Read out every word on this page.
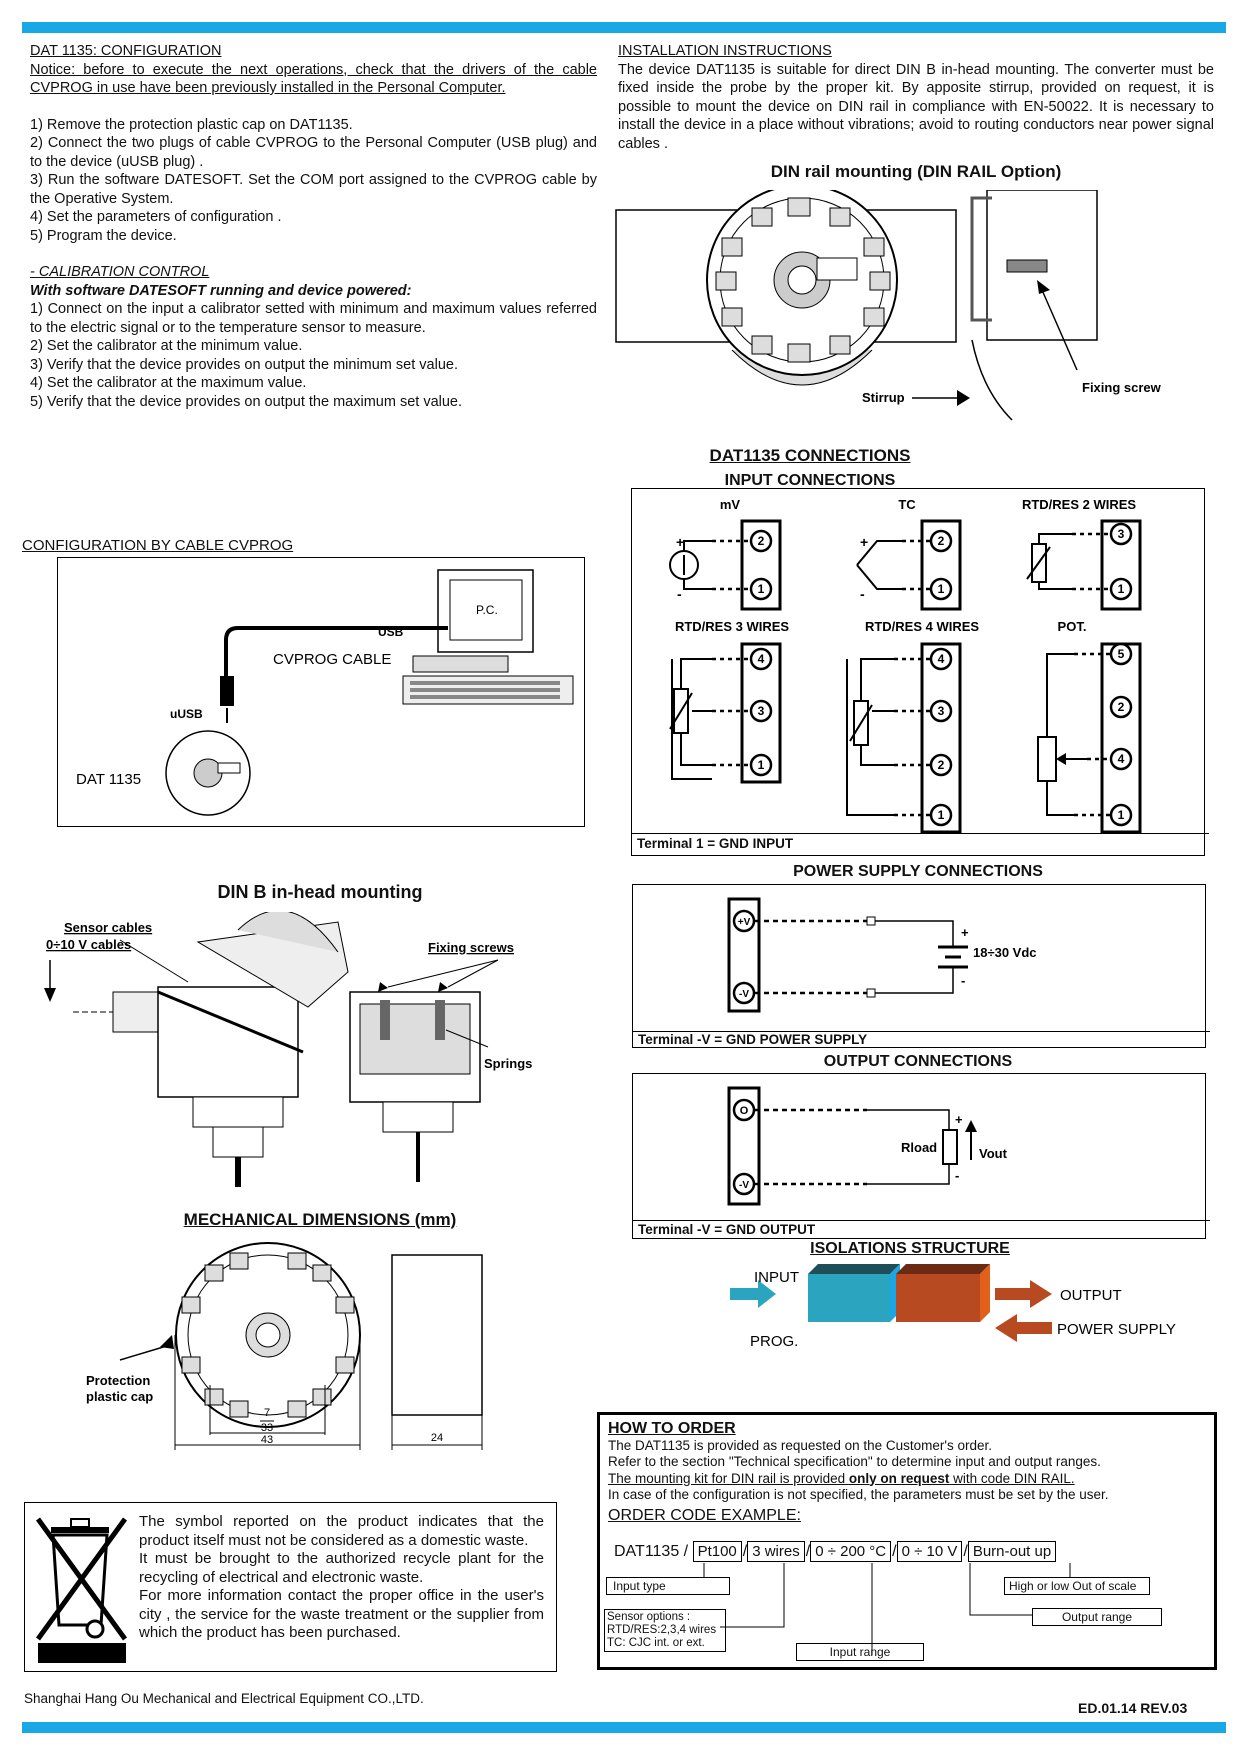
DAT 1135: CONFIGURATION

Notice: before to execute the next operations, check that the drivers of the cable CVPROG in use have been previously installed in the Personal Computer.

1) Remove the protection plastic cap on DAT1135.

2) Connect the two plugs of cable CVPROG to the Personal Computer (USB plug) and to the device (uUSB plug) .

3) Run the software DATESOFT. Set the COM port assigned to the CVPROG cable by the Operative System.

4) Set the parameters of configuration .

5) Program the device.

- CALIBRATION CONTROL

With software DATESOFT running and device powered:

1) Connect on the input a calibrator setted with minimum and maximum values referred to the electric signal or to the temperature sensor to measure.

2) Set the calibrator at the minimum value.

3) Verify that the device provides on output the minimum set value.

4) Set the calibrator at the maximum value.

5) Verify that the device provides on output the maximum set value.

INSTALLATION INSTRUCTIONS

The device DAT1135 is suitable for direct DIN B in-head mounting. The converter must be fixed inside the probe by the proper kit. By apposite stirrup, provided on request, it is possible to mount the device on DIN rail in compliance with EN-50022. It is necessary to install the device in a place without vibrations; avoid to routing conductors near power signal cables .

DIN rail mounting (DIN RAIL Option)
Stirrup
Fixing screw
CONFIGURATION BY CABLE CVPROG
P.C.
USB
CVPROG CABLE
uUSB
DAT 1135
DAT1135 CONNECTIONS
INPUT CONNECTIONS
mV	TC	RTD/RES 2 WIRES
RTD/RES 3 WIRES	RTD/RES 4 WIRES	POT.
2
1
2
1
3
1
4
3
1
4
3
2
1
5
2
4
1
+
-
+
-
Terminal 1 = GND INPUT
POWER SUPPLY CONNECTIONS
+V
-V
+
-
18÷30 Vdc
Terminal -V = GND POWER SUPPLY
OUTPUT CONNECTIONS
O
-V
+
-
Rload	Vout
Terminal -V = GND OUTPUT
DIN B in-head mounting
Sensor cables
0÷10 V cables	Fixing screws
Springs
MECHANICAL DIMENSIONS (mm)
7
33
43	24
Protection
plastic cap
ISOLATIONS STRUCTURE
INPUT
PROG.
OUTPUT
POWER SUPPLY

The symbol reported on the product indicates that the product itself must not be considered as a domestic waste.

It must be brought to the authorized recycle plant for the recycling of electrical and electronic waste.

For more information contact the proper office in the user's city , the service for the waste treatment or the supplier from which the product has been purchased.

HOW TO ORDER

The DAT1135 is provided as requested on the Customer's order.

Refer to the section "Technical specification" to determine input and output ranges.

The mounting kit for DIN rail is provided only on request with code DIN RAIL.

In case of the configuration is not specified, the parameters must be set by the user.

ORDER CODE EXAMPLE:

DAT1135 / Pt100 / 3 wires / 0 ÷ 200 °C / 0 ÷ 10 V / Burn-out up
Input type
Sensor options :
RTD/RES:2,3,4 wires
TC: CJC int. or ext.
Input range
Output range
High or low Out of scale
Shanghai Hang Ou Mechanical and Electrical Equipment CO.,LTD.
ED.01.14 REV.03
